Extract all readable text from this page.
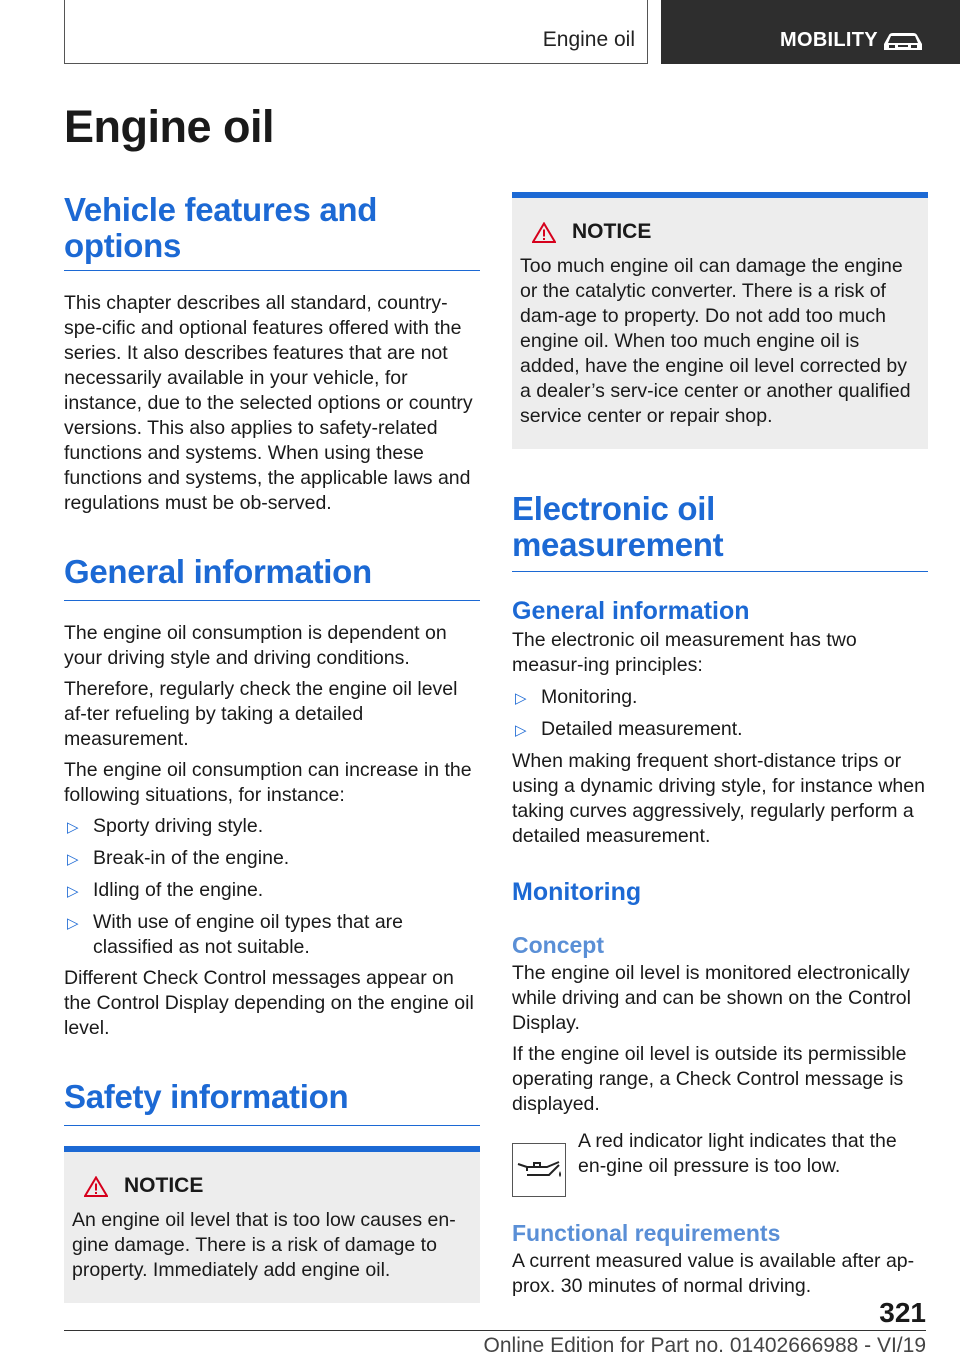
Engine oil	MOBILITY
Engine oil
Vehicle features and options

This chapter describes all standard, country-spe-cific and optional features offered with the series. It also describes features that are not necessarily available in your vehicle, for instance, due to the selected options or country versions. This also applies to safety-related functions and systems. When using these functions and systems, the applicable laws and regulations must be ob-served.

General information

The engine oil consumption is dependent on your driving style and driving conditions.

Therefore, regularly check the engine oil level af-ter refueling by taking a detailed measurement.

The engine oil consumption can increase in the following situations, for instance:

▷ Sporty driving style.
▷ Break-in of the engine.
▷ Idling of the engine.
▷ With use of engine oil types that are classified as not suitable.

Different Check Control messages appear on the Control Display depending on the engine oil level.

Safety information
NOTICE

An engine oil level that is too low causes en-gine damage. There is a risk of damage to property. Immediately add engine oil.

NOTICE

Too much engine oil can damage the engine or the catalytic converter. There is a risk of dam-age to property. Do not add too much engine oil. When too much engine oil is added, have the engine oil level corrected by a dealer’s serv-ice center or another qualified service center or repair shop.

Electronic oil measurement
General information

The electronic oil measurement has two measur-ing principles:

▷ Monitoring.
▷ Detailed measurement.

When making frequent short-distance trips or using a dynamic driving style, for instance when taking curves aggressively, regularly perform a detailed measurement.

Monitoring
Concept

The engine oil level is monitored electronically while driving and can be shown on the Control Display.

If the engine oil level is outside its permissible operating range, a Check Control message is displayed.

A red indicator light indicates that the en-gine oil pressure is too low.

Functional requirements

A current measured value is available after ap-prox. 30 minutes of normal driving.

321
Online Edition for Part no. 01402666988 - VI/19
